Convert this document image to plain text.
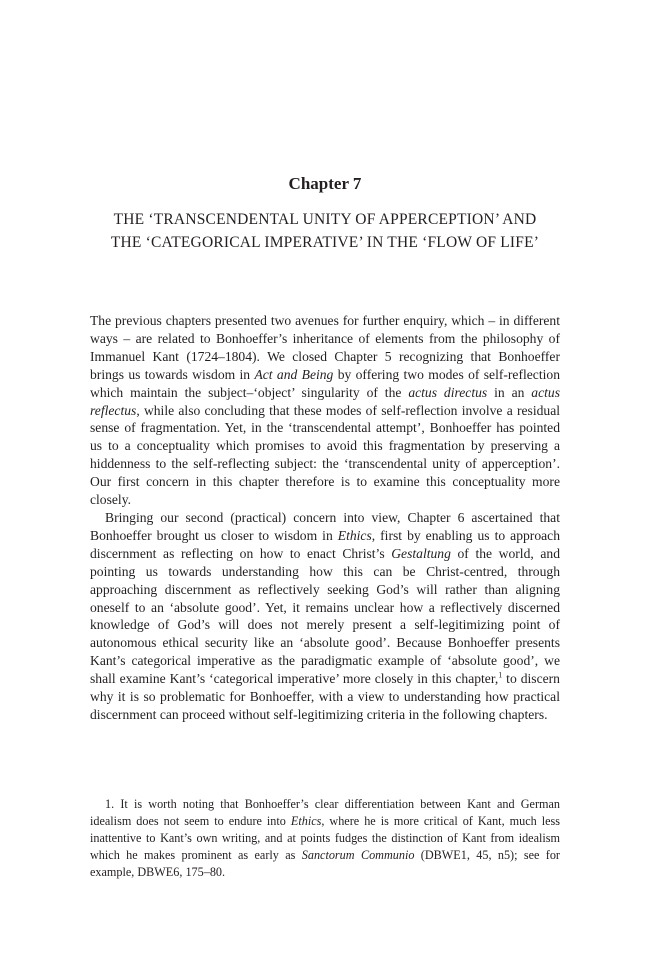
Chapter 7
THE ‘TRANSCENDENTAL UNITY OF APPERCEPTION’ AND
THE ‘CATEGORICAL IMPERATIVE’ IN THE ‘FLOW OF LIFE’

The previous chapters presented two avenues for further enquiry, which – in different ways – are related to Bonhoeffer’s inheritance of elements from the philosophy of Immanuel Kant (1724–1804). We closed Chapter 5 recognizing that Bonhoeffer brings us towards wisdom in Act and Being by offering two modes of self-reflection which maintain the subject–‘object’ singularity of the actus directus in an actus reflectus, while also concluding that these modes of self-reflection involve a residual sense of fragmentation. Yet, in the ‘transcendental attempt’, Bonhoeffer has pointed us to a conceptuality which promises to avoid this fragmentation by preserving a hiddenness to the self-reflecting subject: the ‘transcendental unity of apperception’. Our first concern in this chapter therefore is to examine this conceptuality more closely.

Bringing our second (practical) concern into view, Chapter 6 ascertained that Bonhoeffer brought us closer to wisdom in Ethics, first by enabling us to approach discernment as reflecting on how to enact Christ’s Gestaltung of the world, and pointing us towards understanding how this can be Christ-centred, through approaching discernment as reflectively seeking God’s will rather than aligning oneself to an ‘absolute good’. Yet, it remains unclear how a reflectively discerned knowledge of God’s will does not merely present a self-legitimizing point of autonomous ethical security like an ‘absolute good’. Because Bonhoeffer presents Kant’s categorical imperative as the paradigmatic example of ‘absolute good’, we shall examine Kant’s ‘categorical imperative’ more closely in this chapter,$^1$ to discern why it is so problematic for Bonhoeffer, with a view to understanding how practical discernment can proceed without self-legitimizing criteria in the following chapters.

1. It is worth noting that Bonhoeffer’s clear differentiation between Kant and German idealism does not seem to endure into Ethics, where he is more critical of Kant, much less inattentive to Kant’s own writing, and at points fudges the distinction of Kant from idealism which he makes prominent as early as Sanctorum Communio (DBWE1, 45, n5); see for example, DBWE6, 175–80.
